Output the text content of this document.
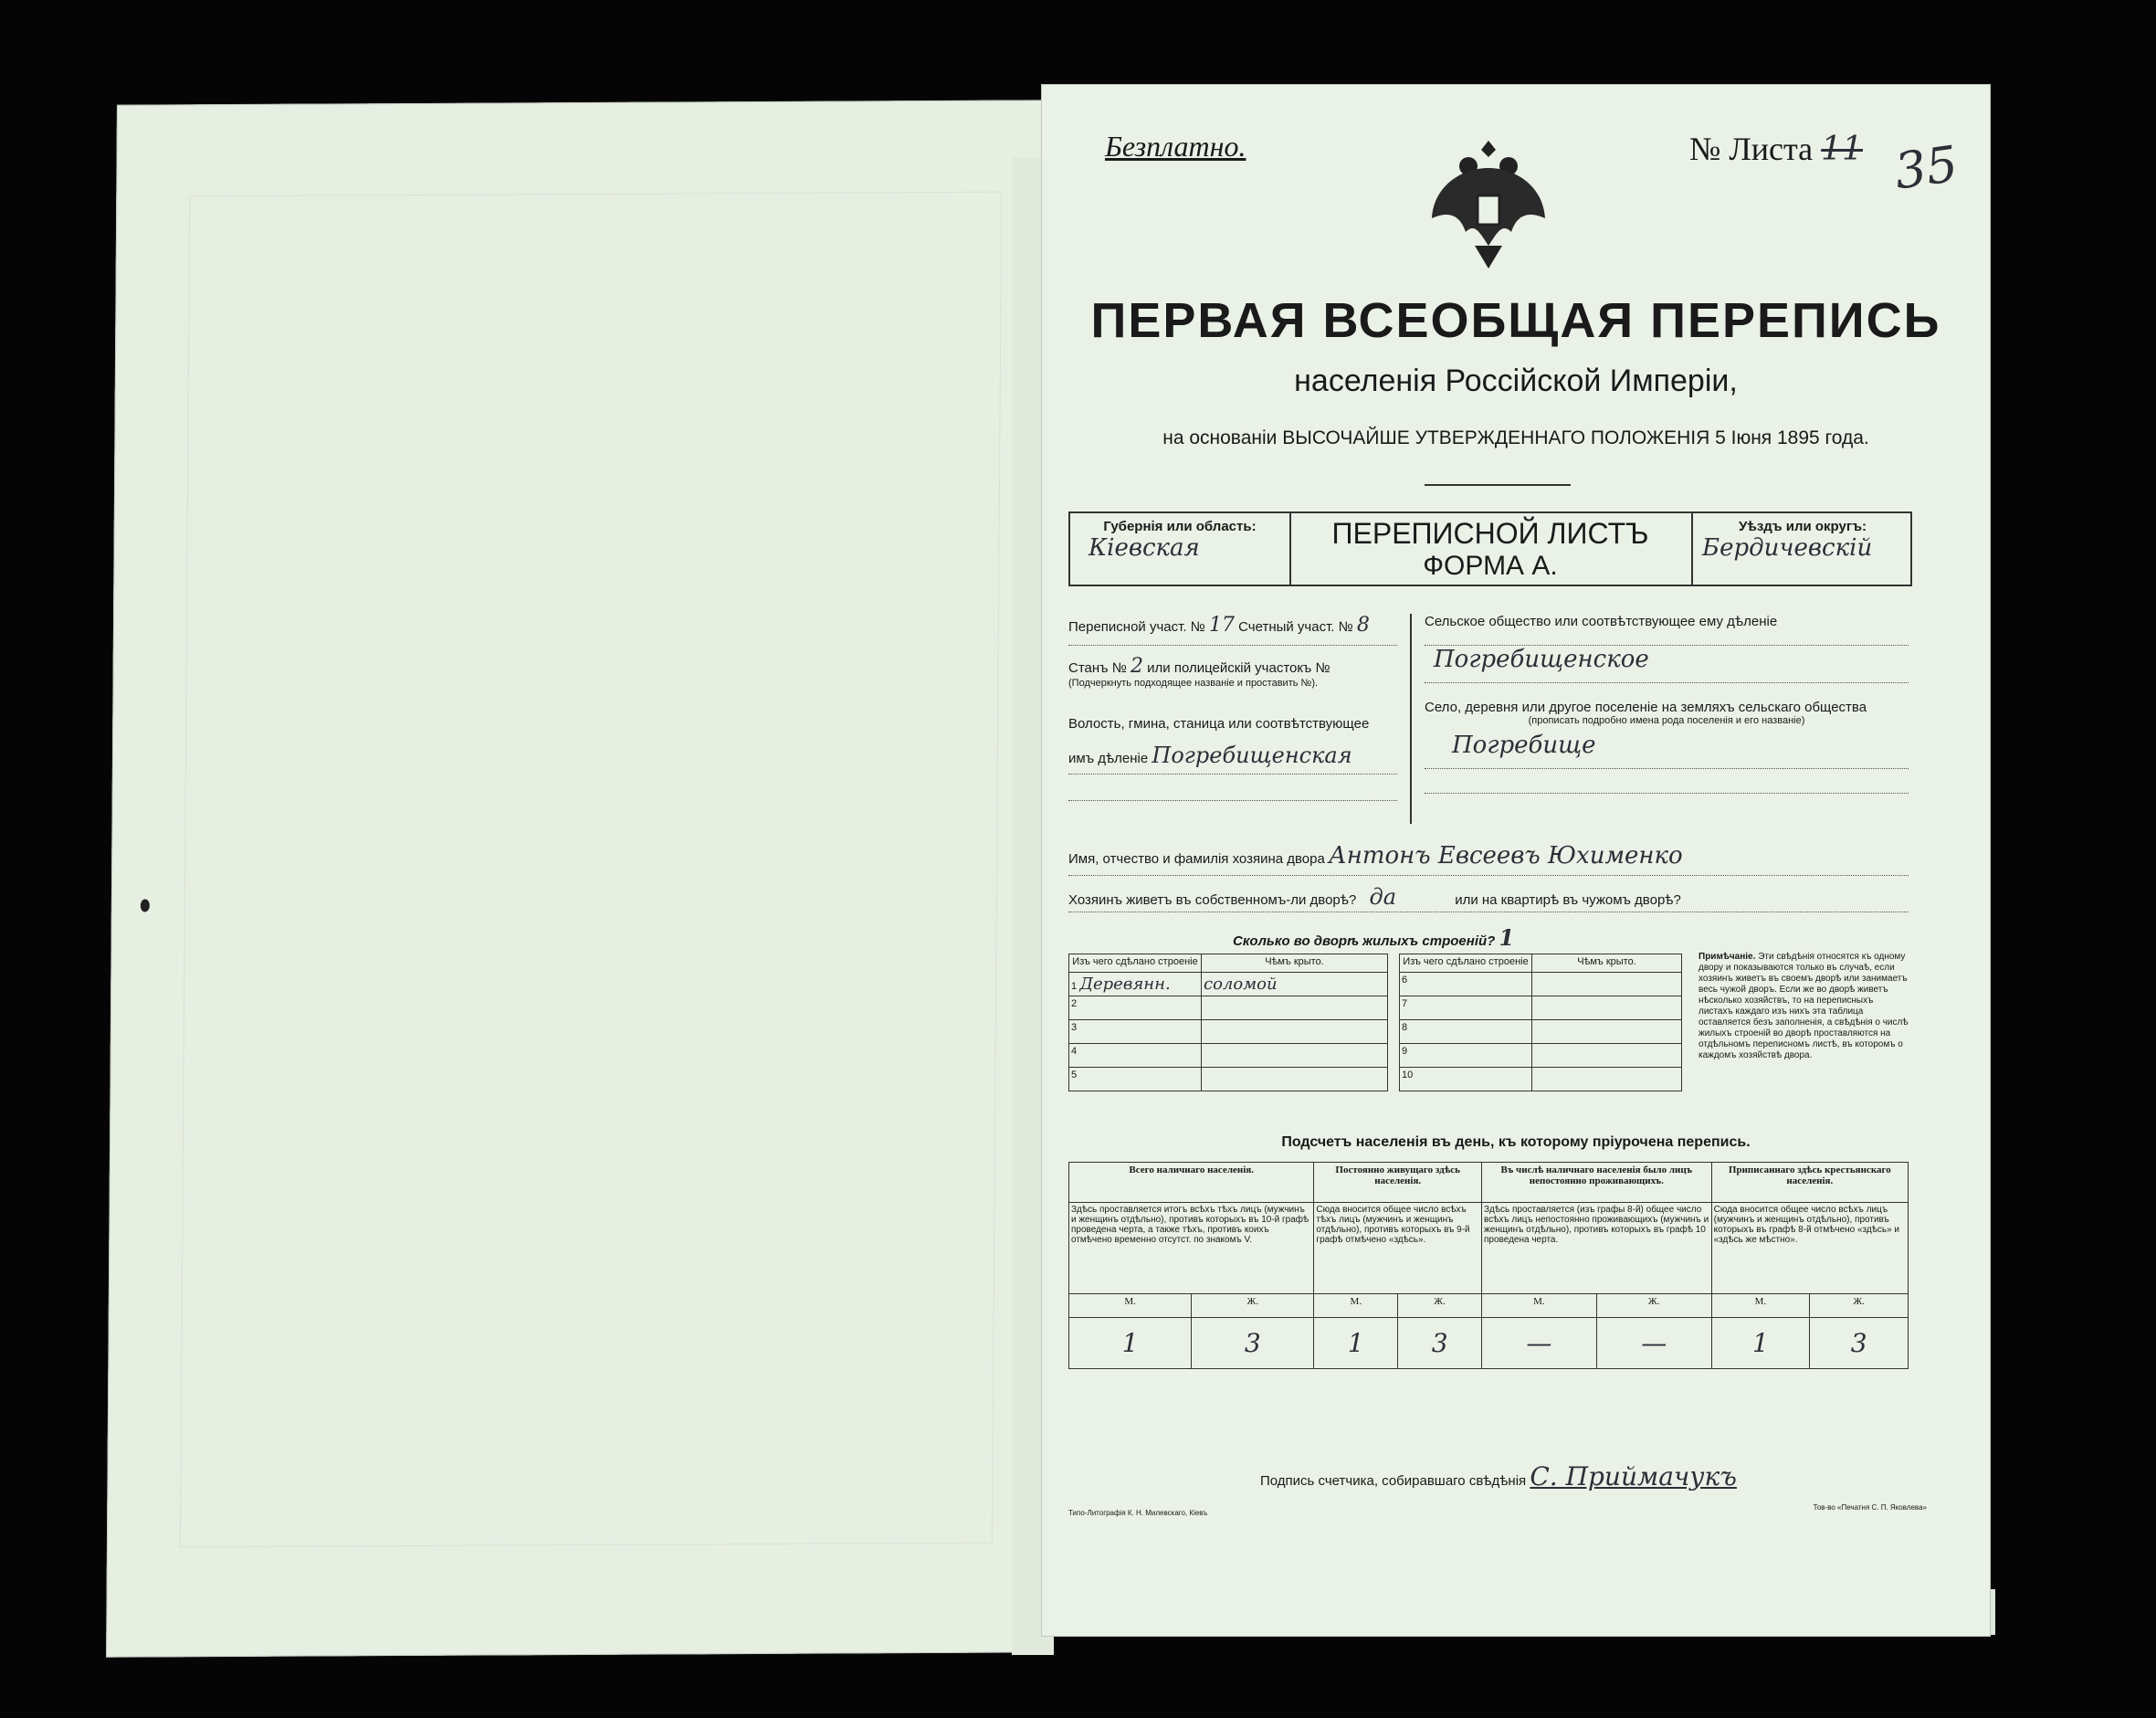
Безплатно.	№ Листа 11 35
ПЕРВАЯ ВСЕОБЩАЯ ПЕРЕПИСЬ
населенія Россійской Имперіи,
на основаніи ВЫСОЧАЙШЕ УТВЕРЖДЕННАГО ПОЛОЖЕНІЯ 5 Іюня 1895 года.
Губернія или область:
Кіевская	ПЕРЕПИСНОЙ ЛИСТЪ
ФОРМА А.
Уѣздъ или округъ:
Бердичевскій
Переписной участ. № 17 Счетный участ. № 8
Станъ № 2 или полицейскій участокъ №
(Подчеркнуть подходящее названіе и проставить №).
Волость, гмина, станица или соотвѣтствующее
имъ дѣленіе Погребищенская
Сельское общество или соотвѣтствующее ему дѣленіе
Погребищенское
Село, деревня или другое поселеніе на земляхъ сельскаго общества
(прописать подробно имена рода поселенія и его названіе)
Погребище
Имя, отчество и фамилія хозяина двора Антонъ Евсеевъ Юхименко
Хозяинъ живетъ въ собственномъ-ли дворѣ? да	или на квартирѣ въ чужомъ дворѣ?
Сколько во дворѣ жилыхъ строеній? 1
Изъ чего сдѣлано строеніе	Чѣмъ крыто.
1 Деревянн.	соломой
2	
3	
4	
5	
Изъ чего сдѣлано строеніе	Чѣмъ крыто.
6	
7	
8	
9	
10	
Примѣчаніе. Эти свѣдѣнія относятся къ одному двору и показываются только въ случаѣ, если хозяинъ живетъ въ своемъ дворѣ или занимаетъ весь чужой дворъ. Если же во дворѣ живетъ нѣсколько хозяйствъ, то на переписныхъ листахъ каждаго изъ нихъ эта таблица оставляется безъ заполненія, а свѣдѣнія о числѣ жилыхъ строеній во дворѣ проставляются на отдѣльномъ переписномъ листѣ, въ которомъ о каждомъ хозяйствѣ двора.
Подсчетъ населенія въ день, къ которому пріурочена перепись.
Всего наличнаго населенія.		Постоянно живущаго здѣсь населенія.		Въ числѣ наличнаго населенія было лицъ непостоянно проживающихъ.		Приписаннаго здѣсь крестьянскаго населенія.	
Здѣсь проставляется итогъ всѣхъ тѣхъ лицъ (мужчинъ и женщинъ отдѣльно), противъ которыхъ въ 10-й графѣ проведена черта, а также тѣхъ, противъ коихъ отмѣчено временно отсутст. по знакомъ V.		Сюда вносится общее число всѣхъ тѣхъ лицъ (мужчинъ и женщинъ отдѣльно), противъ которыхъ въ 9-й графѣ отмѣчено «здѣсь».		Здѣсь проставляется (изъ графы 8-й) общее число всѣхъ лицъ непостоянно проживающихъ (мужчинъ и женщинъ отдѣльно), противъ которыхъ въ графѣ 10 проведена черта.		Сюда вносится общее число всѣхъ лицъ (мужчинъ и женщинъ отдѣльно), противъ которыхъ въ графѣ 8-й отмѣчено «здѣсь» и «здѣсь же мѣстно».	
М.	Ж.	М.	Ж.	М.	Ж.	М.	Ж.
1	3	1	3	—	—	1	3
Подпись счетчика, собиравшаго свѣдѣнія С. Приймачукъ
Типо-Литографія К. Н. Милевскаго, Кіевъ
Тов-во «Печатня С. П. Яковлева»
